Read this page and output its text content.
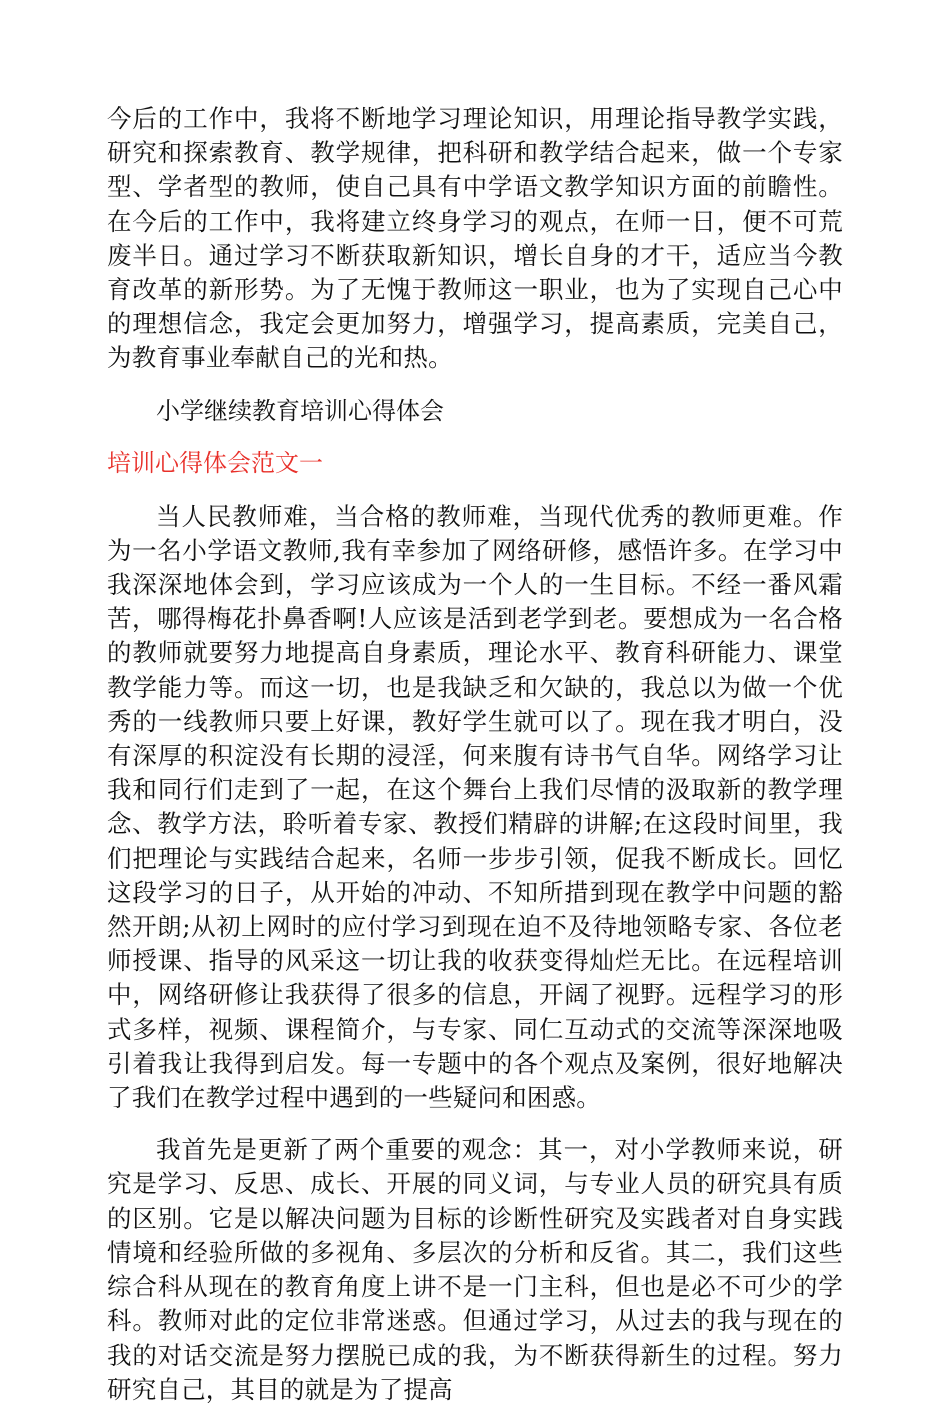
今后的工作中，我将不断地学习理论知识，用理论指导教学实践，研究和探索教育、教学规律，把科研和教学结合起来，做一个专家型、学者型的教师，使自己具有中学语文教学知识方面的前瞻性。在今后的工作中，我将建立终身学习的观点，在师一日，便不可荒废半日。通过学习不断获取新知识，增长自身的才干，适应当今教育改革的新形势。为了无愧于教师这一职业，也为了实现自己心中的理想信念，我定会更加努力，增强学习，提高素质，完美自己，为教育事业奉献自己的光和热。

小学继续教育培训心得体会

培训心得体会范文一

当人民教师难，当合格的教师难，当现代优秀的教师更难。作为一名小学语文教师,我有幸参加了网络研修，感悟许多。在学习中我深深地体会到，学习应该成为一个人的一生目标。不经一番风霜苦，哪得梅花扑鼻香啊!人应该是活到老学到老。要想成为一名合格的教师就要努力地提高自身素质，理论水平、教育科研能力、课堂教学能力等。而这一切，也是我缺乏和欠缺的，我总以为做一个优秀的一线教师只要上好课，教好学生就可以了。现在我才明白，没有深厚的积淀没有长期的浸淫，何来腹有诗书气自华。网络学习让我和同行们走到了一起，在这个舞台上我们尽情的汲取新的教学理念、教学方法，聆听着专家、教授们精辟的讲解;在这段时间里，我们把理论与实践结合起来，名师一步步引领，促我不断成长。回忆这段学习的日子，从开始的冲动、不知所措到现在教学中问题的豁然开朗;从初上网时的应付学习到现在迫不及待地领略专家、各位老师授课、指导的风采这一切让我的收获变得灿烂无比。在远程培训中，网络研修让我获得了很多的信息，开阔了视野。远程学习的形式多样，视频、课程简介，与专家、同仁互动式的交流等深深地吸引着我让我得到启发。每一专题中的各个观点及案例，很好地解决了我们在教学过程中遇到的一些疑问和困惑。

我首先是更新了两个重要的观念：其一，对小学教师来说，研究是学习、反思、成长、开展的同义词，与专业人员的研究具有质的区别。它是以解决问题为目标的诊断性研究及实践者对自身实践情境和经验所做的多视角、多层次的分析和反省。其二，我们这些综合科从现在的教育角度上讲不是一门主科，但也是必不可少的学科。教师对此的定位非常迷惑。但通过学习，从过去的我与现在的我的对话交流是努力摆脱已成的我，为不断获得新生的过程。努力研究自己，其目的就是为了提高
